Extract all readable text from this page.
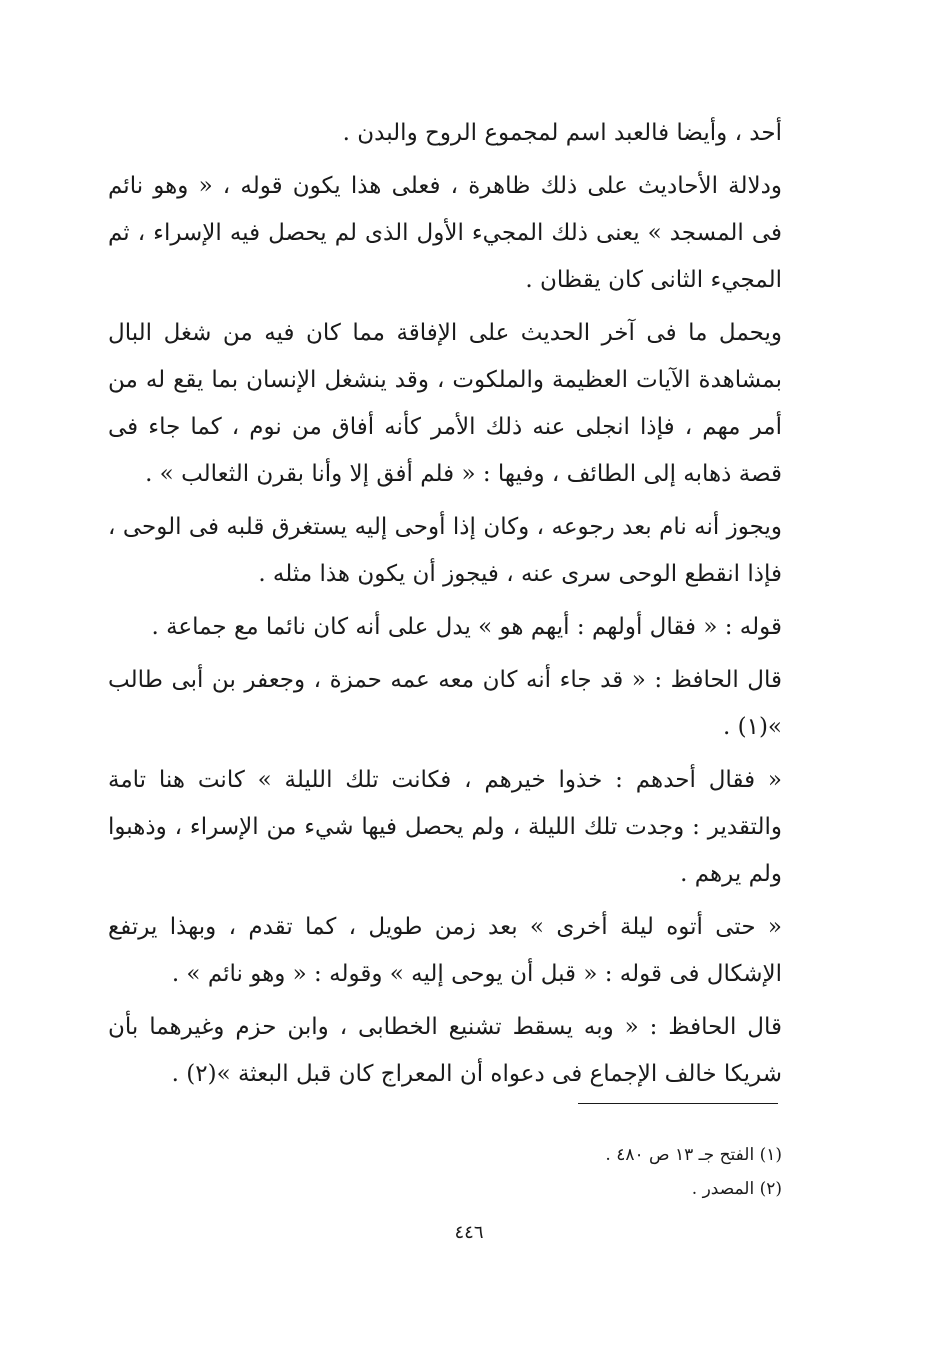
أحد ، وأيضا فالعبد اسم لمجموع الروح والبدن .

ودلالة الأحاديث على ذلك ظاهرة ، فعلى هذا يكون قوله ، « وهو نائم فى المسجد » يعنى ذلك المجيء الأول الذى لم يحصل فيه الإسراء ، ثم المجيء الثانى كان يقظان .

ويحمل ما فى آخر الحديث على الإفاقة مما كان فيه من شغل البال بمشاهدة الآيات العظيمة والملكوت ، وقد ينشغل الإنسان بما يقع له من أمر مهم ، فإذا انجلى عنه ذلك الأمر كأنه أفاق من نوم ، كما جاء فى قصة ذهابه إلى الطائف ، وفيها : « فلم أفق إلا وأنا بقرن الثعالب » .

ويجوز أنه نام بعد رجوعه ، وكان إذا أوحى إليه يستغرق قلبه فى الوحى ، فإذا انقطع الوحى سرى عنه ، فيجوز أن يكون هذا مثله .

قوله : « فقال أولهم : أيهم هو » يدل على أنه كان نائما مع جماعة .

قال الحافظ : « قد جاء أنه كان معه عمه حمزة ، وجعفر بن أبى طالب »(١) .

« فقال أحدهم : خذوا خيرهم ، فكانت تلك الليلة » كانت هنا تامة والتقدير : وجدت تلك الليلة ، ولم يحصل فيها شيء من الإسراء ، وذهبوا ولم يرهم .

« حتى أتوه ليلة أخرى » بعد زمن طويل ، كما تقدم ، وبهذا يرتفع الإشكال فى قوله : « قبل أن يوحى إليه » وقوله : « وهو نائم » .

قال الحافظ : « وبه يسقط تشنيع الخطابى ، وابن حزم وغيرهما بأن شريكا خالف الإجماع فى دعواه أن المعراج كان قبل البعثة »(٢) .

(١) الفتح جـ ١٣ ص ٤٨٠ .

(٢) المصدر .

٤٤٦
